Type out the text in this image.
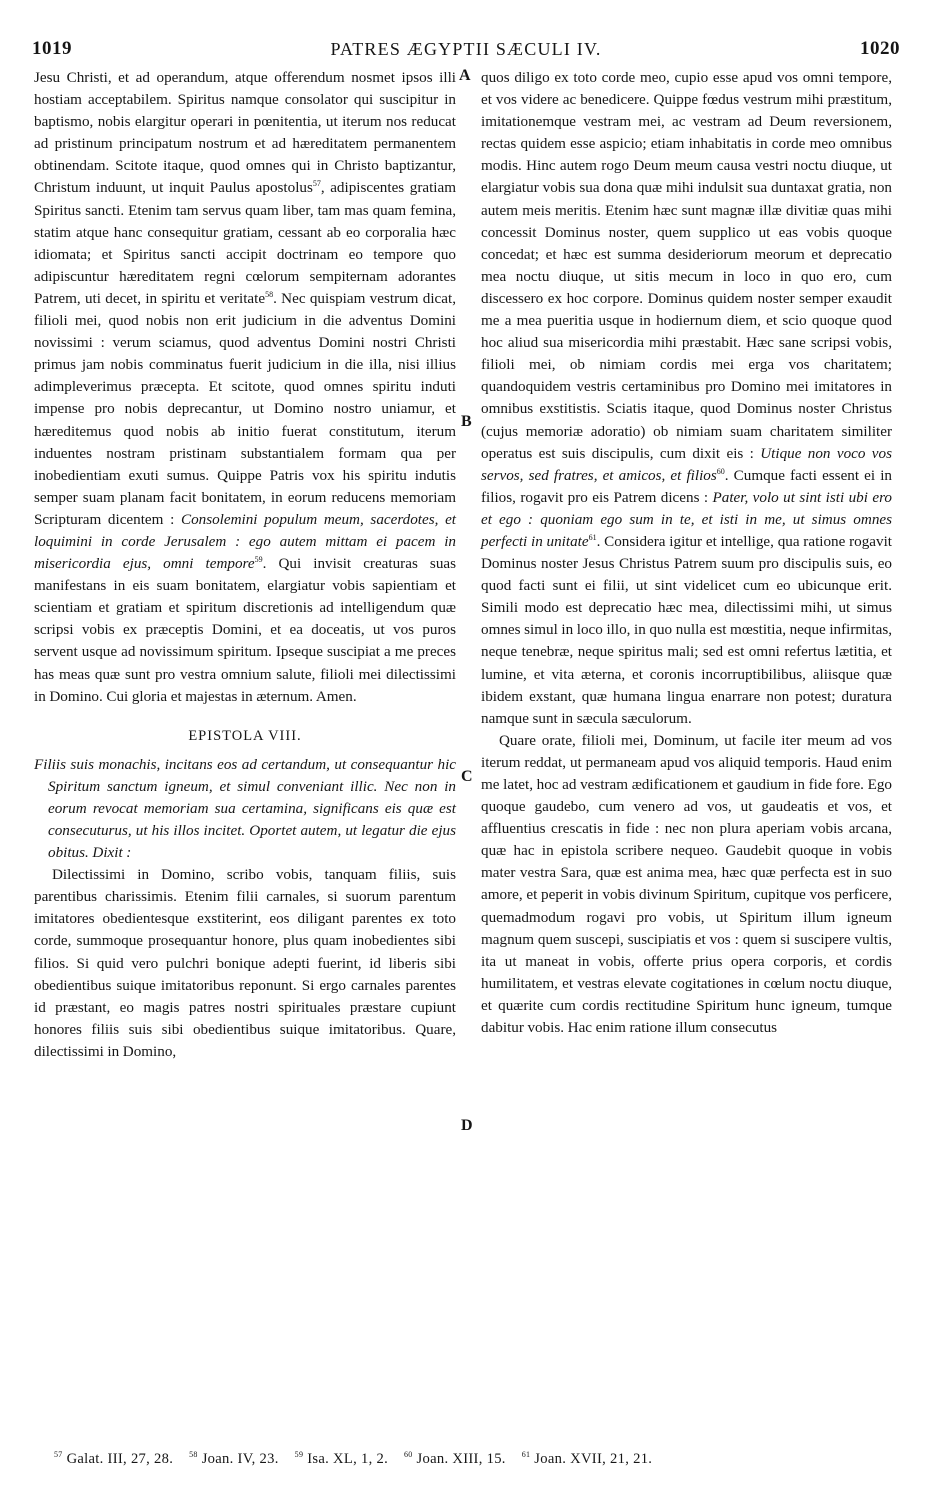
1019	PATRES ÆGYPTII SÆCULI IV.	1020
A
B
C
D

Jesu Christi, et ad operandum, atque offerendum nosmet ipsos illi hostiam acceptabilem. Spiritus namque consolator qui suscipitur in baptismo, nobis elargitur operari in pœnitentia, ut iterum nos reducat ad pristinum principatum nostrum et ad hæreditatem permanentem obtinendam. Scitote itaque, quod omnes qui in Christo baptizantur, Christum induunt, ut inquit Paulus apostolus$^{57}$, adipiscentes gratiam Spiritus sancti. Etenim tam servus quam liber, tam mas quam femina, statim atque hanc consequitur gratiam, cessant ab eo corporalia hæc idiomata; et Spiritus sancti accipit doctrinam eo tempore quo adipiscuntur hæreditatem regni cœlorum sempiternam adorantes Patrem, uti decet, in spiritu et veritate$^{58}$. Nec quispiam vestrum dicat, filioli mei, quod nobis non erit judicium in die adventus Domini novissimi : verum sciamus, quod adventus Domini nostri Christi primus jam nobis comminatus fuerit judicium in die illa, nisi illius adimpleverimus præcepta. Et scitote, quod omnes spiritu induti impense pro nobis deprecantur, ut Domino nostro uniamur, et hæreditemus quod nobis ab initio fuerat constitutum, iterum induentes nostram pristinam substantialem formam qua per inobedientiam exuti sumus. Quippe Patris vox his spiritu indutis semper suam planam facit bonitatem, in eorum reducens memoriam Scripturam dicentem : Consolemini populum meum, sacerdotes, et loquimini in corde Jerusalem : ego autem mittam ei pacem in misericordia ejus, omni tempore$^{59}$. Qui invisit creaturas suas manifestans in eis suam bonitatem, elargiatur vobis sapientiam et scientiam et gratiam et spiritum discretionis ad intelligendum quæ scripsi vobis ex præceptis Domini, et ea doceatis, ut vos puros servent usque ad novissimum spiritum. Ipseque suscipiat a me preces has meas quæ sunt pro vestra omnium salute, filioli mei dilectissimi in Domino. Cui gloria et majestas in æternum. Amen.

EPISTOLA VIII.

Filiis suis monachis, incitans eos ad certandum, ut consequantur hic Spiritum sanctum igneum, et simul conveniant illic. Nec non in eorum revocat memoriam sua certamina, significans eis quæ est consecuturus, ut his illos incitet. Oportet autem, ut legatur die ejus obitus. Dixit :

Dilectissimi in Domino, scribo vobis, tanquam filiis, suis parentibus charissimis. Etenim filii carnales, si suorum parentum imitatores obedientesque exstiterint, eos diligant parentes ex toto corde, summoque prosequantur honore, plus quam inobedientes sibi filios. Si quid vero pulchri bonique adepti fuerint, id liberis sibi obedientibus suique imitatoribus reponunt. Si ergo carnales parentes id præstant, eo magis patres nostri spirituales præstare cupiunt honores filiis suis sibi obedientibus suique imitatoribus. Quare, dilectissimi in Domino,

quos diligo ex toto corde meo, cupio esse apud vos omni tempore, et vos videre ac benedicere. Quippe fœdus vestrum mihi præstitum, imitationemque vestram mei, ac vestram ad Deum reversionem, rectas quidem esse aspicio; etiam inhabitatis in corde meo omnibus modis. Hinc autem rogo Deum meum causa vestri noctu diuque, ut elargiatur vobis sua dona quæ mihi indulsit sua duntaxat gratia, non autem meis meritis. Etenim hæc sunt magnæ illæ divitiæ quas mihi concessit Dominus noster, quem supplico ut eas vobis quoque concedat; et hæc est summa desideriorum meorum et deprecatio mea noctu diuque, ut sitis mecum in loco in quo ero, cum discessero ex hoc corpore. Dominus quidem noster semper exaudit me a mea pueritia usque in hodiernum diem, et scio quoque quod hoc aliud sua misericordia mihi præstabit. Hæc sane scripsi vobis, filioli mei, ob nimiam cordis mei erga vos charitatem; quandoquidem vestris certaminibus pro Domino mei imitatores in omnibus exstitistis. Sciatis itaque, quod Dominus noster Christus (cujus memoriæ adoratio) ob nimiam suam charitatem similiter operatus est suis discipulis, cum dixit eis : Utique non voco vos servos, sed fratres, et amicos, et filios$^{60}$. Cumque facti essent ei in filios, rogavit pro eis Patrem dicens : Pater, volo ut sint isti ubi ero et ego : quoniam ego sum in te, et isti in me, ut simus omnes perfecti in unitate$^{61}$. Considera igitur et intellige, qua ratione rogavit Dominus noster Jesus Christus Patrem suum pro discipulis suis, eo quod facti sunt ei filii, ut sint videlicet cum eo ubicunque erit. Simili modo est deprecatio hæc mea, dilectissimi mihi, ut simus omnes simul in loco illo, in quo nulla est mœstitia, neque infirmitas, neque tenebræ, neque spiritus mali; sed est omni refertus lætitia, et lumine, et vita æterna, et coronis incorruptibilibus, aliisque quæ ibidem exstant, quæ humana lingua enarrare non potest; duratura namque sunt in sæcula sæculorum.

Quare orate, filioli mei, Dominum, ut facile iter meum ad vos iterum reddat, ut permaneam apud vos aliquid temporis. Haud enim me latet, hoc ad vestram ædificationem et gaudium in fide fore. Ego quoque gaudebo, cum venero ad vos, ut gaudeatis et vos, et affluentius crescatis in fide : nec non plura aperiam vobis arcana, quæ hac in epistola scribere nequeo. Gaudebit quoque in vobis mater vestra Sara, quæ est anima mea, hæc quæ perfecta est in suo amore, et peperit in vobis divinum Spiritum, cupitque vos perficere, quemadmodum rogavi pro vobis, ut Spiritum illum igneum magnum quem suscepi, suscipiatis et vos : quem si suscipere vultis, ita ut maneat in vobis, offerte prius opera corporis, et cordis humilitatem, et vestras elevate cogitationes in cœlum noctu diuque, et quærite cum cordis rectitudine Spiritum hunc igneum, tumque dabitur vobis. Hac enim ratione illum consecutus

$^{57}$ Galat. III, 27, 28. $^{58}$ Joan. IV, 23. $^{59}$ Isa. XL, 1, 2. $^{60}$ Joan. XIII, 15. $^{61}$ Joan. XVII, 21, 21.
